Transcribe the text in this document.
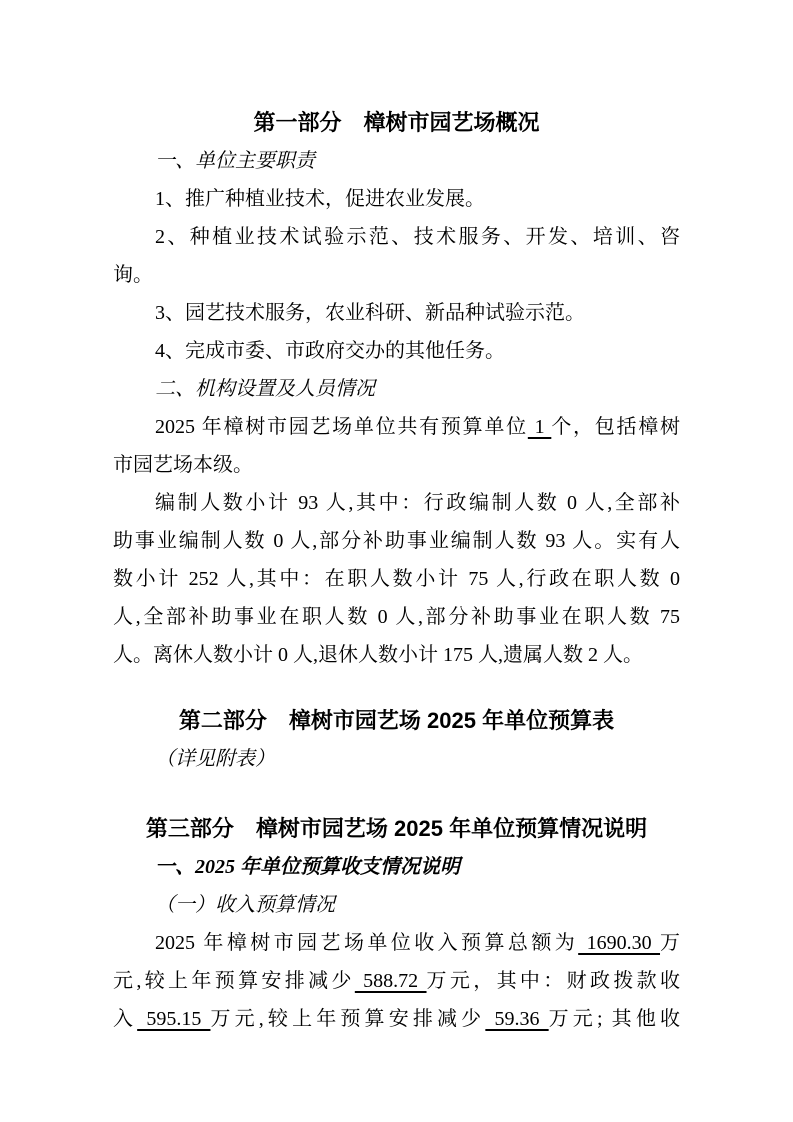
第一部分　樟树市园艺场概况
一、单位主要职责
1、推广种植业技术，促进农业发展。
2、种植业技术试验示范、技术服务、开发、培训、咨
询。
3、园艺技术服务，农业科研、新品种试验示范。
4、完成市委、市政府交办的其他任务。
二、机构设置及人员情况
2025 年樟树市园艺场单位共有预算单位 1 个，包括樟树
市园艺场本级。
编制人数小计 93 人,其中：行政编制人数 0 人,全部补
助事业编制人数 0 人,部分补助事业编制人数 93 人。实有人
数小计 252 人,其中：在职人数小计 75 人,行政在职人数 0
人,全部补助事业在职人数 0 人,部分补助事业在职人数 75
人。离休人数小计 0 人,退休人数小计 175 人,遗属人数 2 人。
第二部分　樟树市园艺场 2025 年单位预算表
（详见附表）
第三部分　樟树市园艺场 2025 年单位预算情况说明
一、2025 年单位预算收支情况说明
（一）收入预算情况
2025 年樟树市园艺场单位收入预算总额为 1690.30 万
元,较上年预算安排减少 588.72 万元，其中：财政拨款收
入 595.15 万元,较上年预算安排减少 59.36 万元; 其他收
